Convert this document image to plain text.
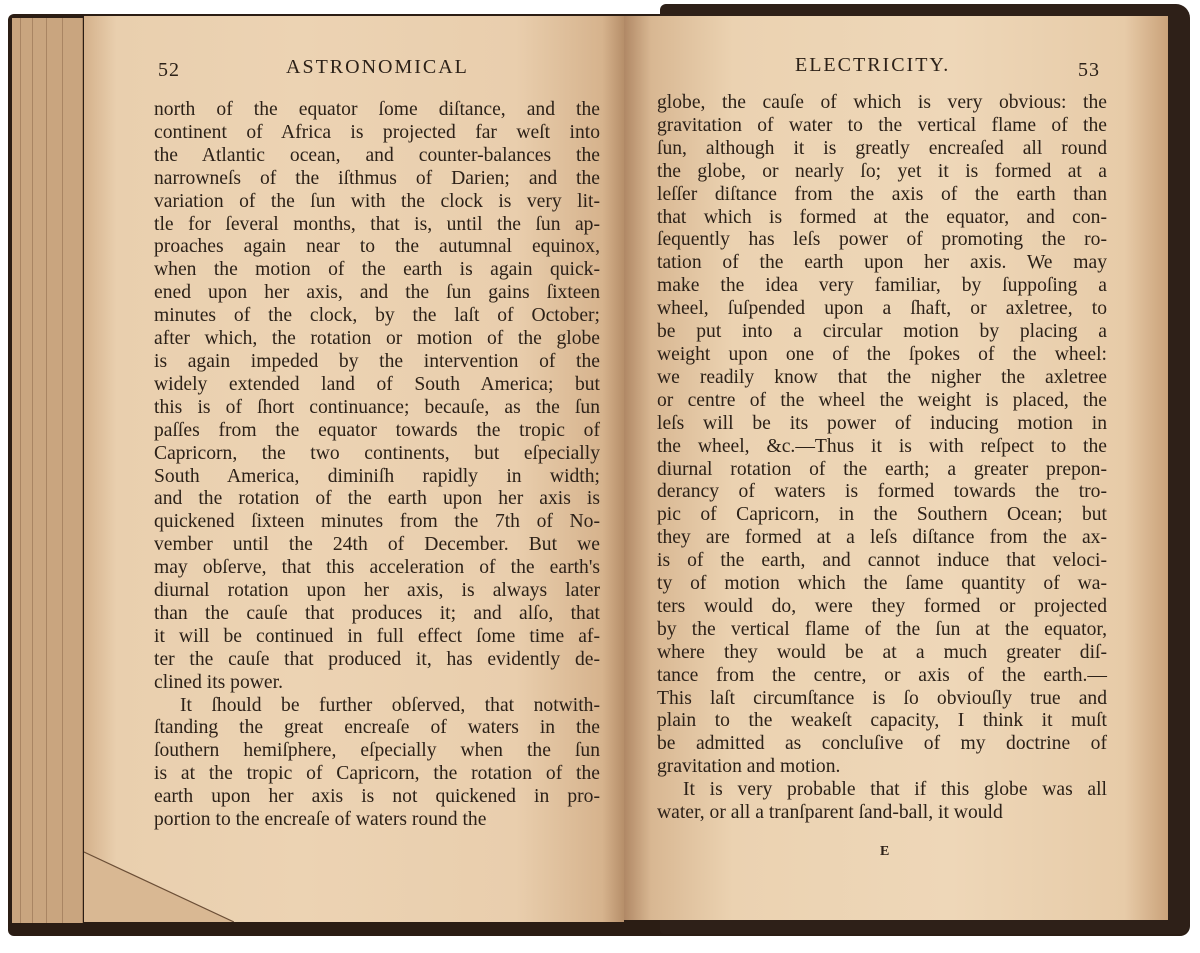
52	ASTRONOMICAL
north of the equator ſome diſtance, and the
continent of Africa is projected far weſt into
the Atlantic ocean, and counter-balances the
narrowneſs of the iſthmus of Darien; and the
variation of the ſun with the clock is very lit-
tle for ſeveral months, that is, until the ſun ap-
proaches again near to the autumnal equinox,
when the motion of the earth is again quick-
ened upon her axis, and the ſun gains ſixteen
minutes of the clock, by the laſt of October;
after which, the rotation or motion of the globe
is again impeded by the intervention of the
widely extended land of South America; but
this is of ſhort continuance; becauſe, as the ſun
paſſes from the equator towards the tropic of
Capricorn, the two continents, but eſpecially
South America, diminiſh rapidly in width;
and the rotation of the earth upon her axis is
quickened ſixteen minutes from the 7th of No-
vember until the 24th of December. But we
may obſerve, that this acceleration of the earth's
diurnal rotation upon her axis, is always later
than the cauſe that produces it; and alſo, that
it will be continued in full effect ſome time af-
ter the cauſe that produced it, has evidently de-
clined its power.
It ſhould be further obſerved, that notwith-
ſtanding the great encreaſe of waters in the
ſouthern hemiſphere, eſpecially when the ſun
is at the tropic of Capricorn, the rotation of the
earth upon her axis is not quickened in pro-
portion to the encreaſe of waters round the
ELECTRICITY.	53
globe, the cauſe of which is very obvious: the
gravitation of water to the vertical flame of the
ſun, although it is greatly encreaſed all round
the globe, or nearly ſo; yet it is formed at a
leſſer diſtance from the axis of the earth than
that which is formed at the equator, and con-
ſequently has leſs power of promoting the ro-
tation of the earth upon her axis. We may
make the idea very familiar, by ſuppoſing a
wheel, ſuſpended upon a ſhaft, or axletree, to
be put into a circular motion by placing a
weight upon one of the ſpokes of the wheel:
we readily know that the nigher the axletree
or centre of the wheel the weight is placed, the
leſs will be its power of inducing motion in
the wheel, &c.—Thus it is with reſpect to the
diurnal rotation of the earth; a greater prepon-
derancy of waters is formed towards the tro-
pic of Capricorn, in the Southern Ocean; but
they are formed at a leſs diſtance from the ax-
is of the earth, and cannot induce that veloci-
ty of motion which the ſame quantity of wa-
ters would do, were they formed or projected
by the vertical flame of the ſun at the equator,
where they would be at a much greater diſ-
tance from the centre, or axis of the earth.—
This laſt circumſtance is ſo obviouſly true and
plain to the weakeſt capacity, I think it muſt
be admitted as concluſive of my doctrine of
gravitation and motion.
It is very probable that if this globe was all
water, or all a tranſparent ſand-ball, it would
E
